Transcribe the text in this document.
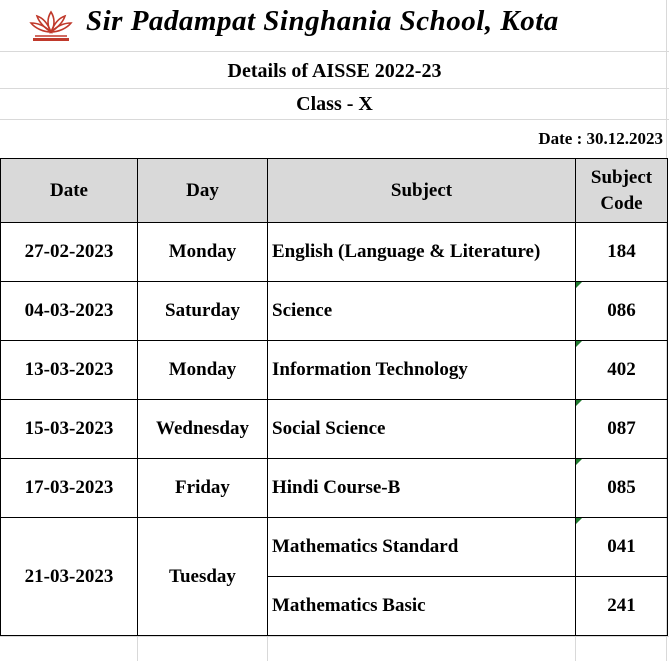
Sir Padampat Singhania School, Kota
Details of AISSE 2022-23
Class - X
Date : 30.12.2023
Date	Day	Subject	Subject Code
27-02-2023	Monday	English (Language & Literature)	184
04-03-2023	Saturday	Science	086
13-03-2023	Monday	Information Technology	402
15-03-2023	Wednesday	Social Science	087
17-03-2023	Friday	Hindi Course-B	085
21-03-2023	Tuesday	Mathematics Standard	041
		Mathematics Basic	241
